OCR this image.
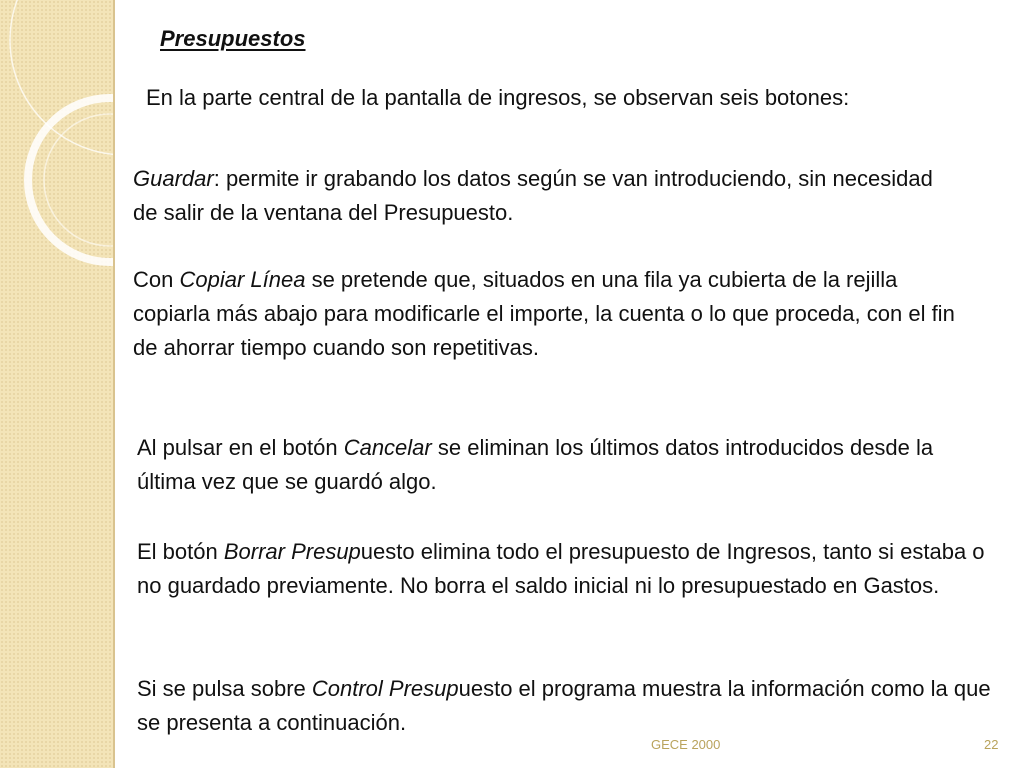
Presupuestos

En la parte central de la pantalla de ingresos, se observan seis botones:

Guardar: permite ir grabando los datos según se van introduciendo, sin necesidad de salir de la ventana del Presupuesto.

Con Copiar Línea se pretende que, situados en una fila ya cubierta de la rejilla copiarla más abajo para modificarle el importe, la cuenta o lo que proceda, con el fin de ahorrar tiempo cuando son repetitivas.

Al pulsar en el botón Cancelar se eliminan los últimos datos introducidos desde la última vez que se guardó algo.

El botón Borrar Presupuesto elimina todo el presupuesto de Ingresos, tanto si estaba o no guardado previamente. No borra el saldo inicial ni lo presupuestado en Gastos.

Si se pulsa sobre Control Presupuesto el programa muestra la información como la que se presenta a continuación.

GECE 2000	22
